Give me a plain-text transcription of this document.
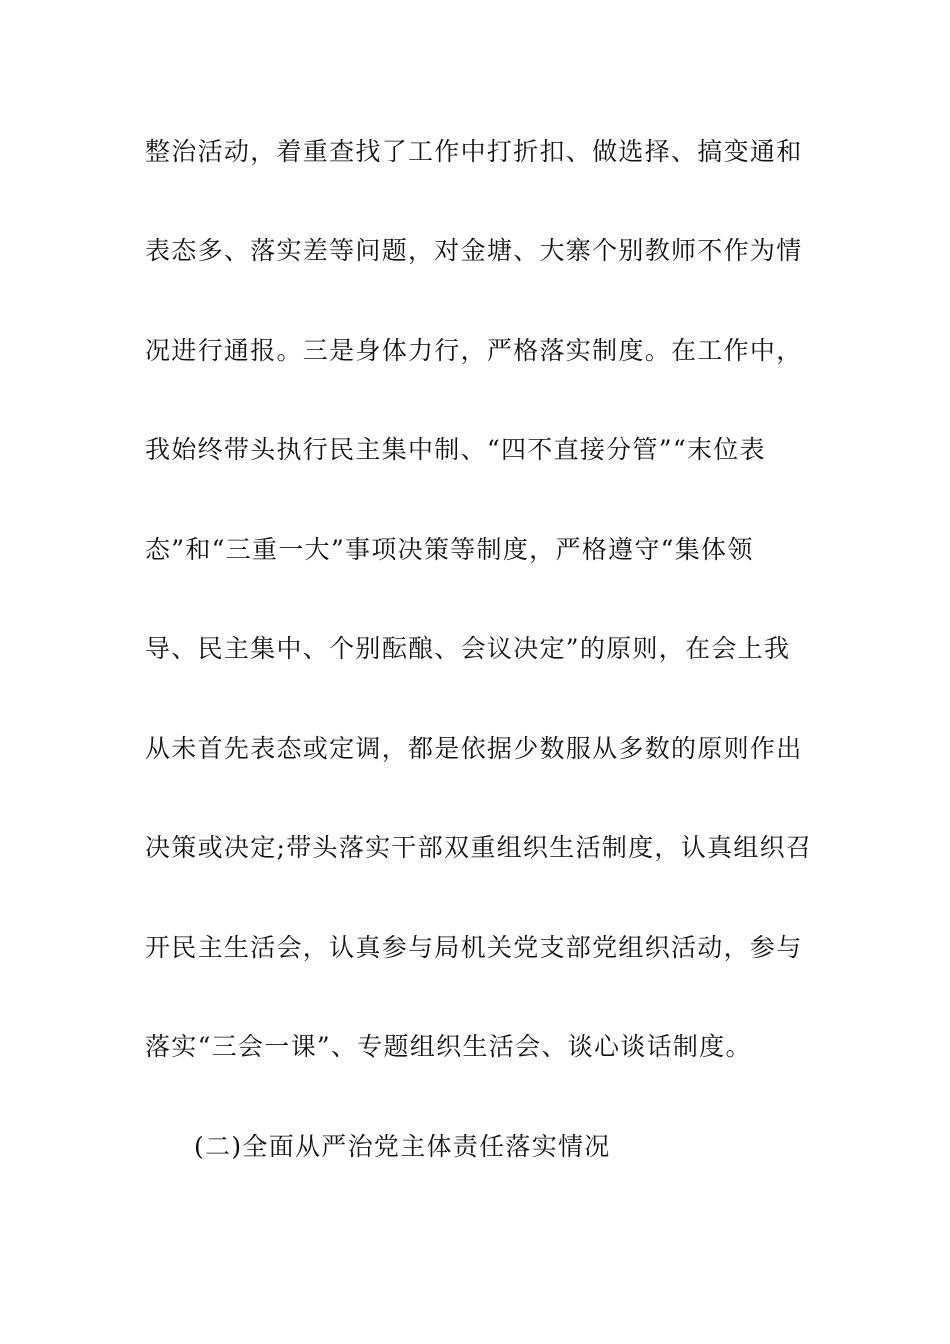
整治活动，着重查找了工作中打折扣、做选择、搞变通和
表态多、落实差等问题，对金塘、大寨个别教师不作为情
况进行通报。三是身体力行，严格落实制度。在工作中，
我始终带头执行民主集中制、“四不直接分管”“末位表
态”和“三重一大”事项决策等制度，严格遵守“集体领
导、民主集中、个别酝酿、会议决定”的原则，在会上我
从未首先表态或定调，都是依据少数服从多数的原则作出
决策或决定;带头落实干部双重组织生活制度，认真组织召
开民主生活会，认真参与局机关党支部党组织活动，参与
落实“三会一课”、专题组织生活会、谈心谈话制度。
(二)全面从严治党主体责任落实情况
